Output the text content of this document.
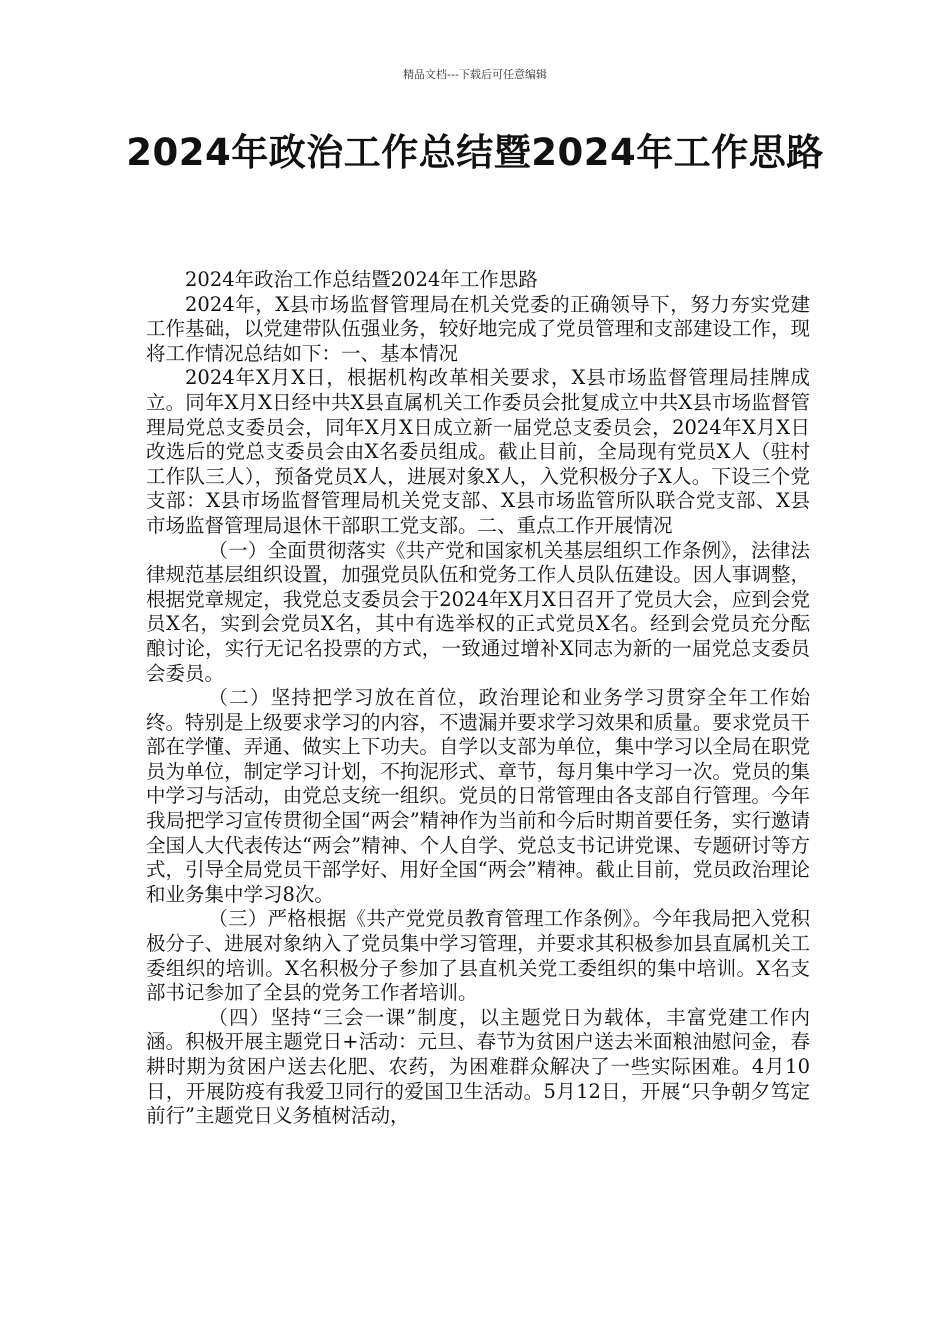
精品文档---下载后可任意编辑
2024年政治工作总结暨2024年工作思路

2024年政治工作总结暨2024年工作思路

2024年，X县市场监督管理局在机关党委的正确领导下，努力夯实党建工作基础，以党建带队伍强业务，较好地完成了党员管理和支部建设工作，现将工作情况总结如下：一、基本情况

2024年X月X日，根据机构改革相关要求，X县市场监督管理局挂牌成立。同年X月X日经中共X县直属机关工作委员会批复成立中共X县市场监督管理局党总支委员会，同年X月X日成立新一届党总支委员会，2024年X月X日改选后的党总支委员会由X名委员组成。截止目前，全局现有党员X人（驻村工作队三人），预备党员X人，进展对象X人，入党积极分子X人。下设三个党支部：X县市场监督管理局机关党支部、X县市场监管所队联合党支部、X县市场监督管理局退休干部职工党支部。二、重点工作开展情况

（一）全面贯彻落实《共产党和国家机关基层组织工作条例》，法律法律规范基层组织设置，加强党员队伍和党务工作人员队伍建设。因人事调整，根据党章规定，我党总支委员会于2024年X月X日召开了党员大会，应到会党员X名，实到会党员X名，其中有选举权的正式党员X名。经到会党员充分酝酿讨论，实行无记名投票的方式，一致通过增补X同志为新的一届党总支委员会委员。

（二）坚持把学习放在首位，政治理论和业务学习贯穿全年工作始终。特别是上级要求学习的内容，不遗漏并要求学习效果和质量。要求党员干部在学懂、弄通、做实上下功夫。自学以支部为单位，集中学习以全局在职党员为单位，制定学习计划，不拘泥形式、章节，每月集中学习一次。党员的集中学习与活动，由党总支统一组织。党员的日常管理由各支部自行管理。今年我局把学习宣传贯彻全国“两会”精神作为当前和今后时期首要任务，实行邀请全国人大代表传达“两会”精神、个人自学、党总支书记讲党课、专题研讨等方式，引导全局党员干部学好、用好全国“两会”精神。截止目前，党员政治理论和业务集中学习8次。

（三）严格根据《共产党党员教育管理工作条例》。今年我局把入党积极分子、进展对象纳入了党员集中学习管理，并要求其积极参加县直属机关工委组织的培训。X名积极分子参加了县直机关党工委组织的集中培训。X名支部书记参加了全县的党务工作者培训。

（四）坚持“三会一课”制度，以主题党日为载体，丰富党建工作内涵。积极开展主题党日+活动：元旦、春节为贫困户送去米面粮油慰问金，春耕时期为贫困户送去化肥、农药，为困难群众解决了一些实际困难。4月10日，开展防疫有我爱卫同行的爱国卫生活动。5月12日，开展“只争朝夕笃定前行”主题党日义务植树活动，
